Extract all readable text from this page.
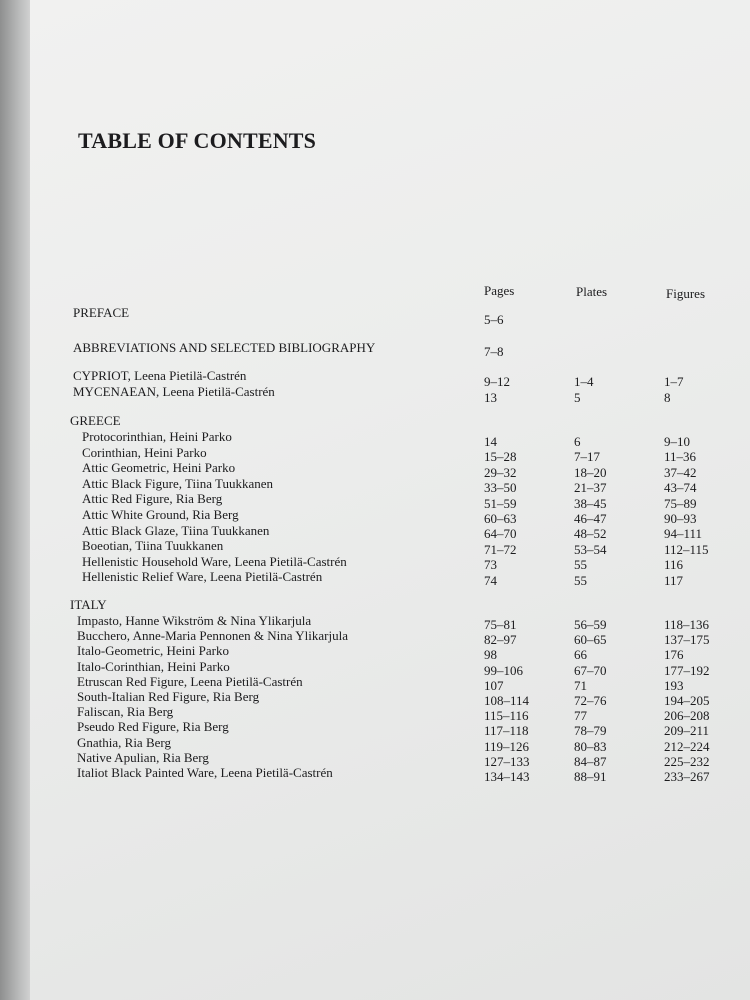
TABLE OF CONTENTS
Pages	Plates	Figures
PREFACE	5–6
ABBREVIATIONS AND SELECTED BIBLIOGRAPHY	7–8
CYPRIOT, Leena Pietilä-Castrén	9–12	1–4	1–7
MYCENAEAN, Leena Pietilä-Castrén	13	5	8
GREECE
Protocorinthian, Heini Parko	14	6	9–10
Corinthian, Heini Parko	15–28	7–17	11–36
Attic Geometric, Heini Parko	29–32	18–20	37–42
Attic Black Figure, Tiina Tuukkanen	33–50	21–37	43–74
Attic Red Figure, Ria Berg	51–59	38–45	75–89
Attic White Ground, Ria Berg	60–63	46–47	90–93
Attic Black Glaze, Tiina Tuukkanen	64–70	48–52	94–111
Boeotian, Tiina Tuukkanen	71–72	53–54	112–115
Hellenistic Household Ware, Leena Pietilä-Castrén	73	55	116
Hellenistic Relief Ware, Leena Pietilä-Castrén	74	55	117
ITALY
Impasto, Hanne Wikström & Nina Ylikarjula	75–81	56–59	118–136
Bucchero, Anne-Maria Pennonen & Nina Ylikarjula	82–97	60–65	137–175
Italo-Geometric, Heini Parko	98	66	176
Italo-Corinthian, Heini Parko	99–106	67–70	177–192
Etruscan Red Figure, Leena Pietilä-Castrén	107	71	193
South-Italian Red Figure, Ria Berg	108–114	72–76	194–205
Faliscan, Ria Berg	115–116	77	206–208
Pseudo Red Figure, Ria Berg	117–118	78–79	209–211
Gnathia, Ria Berg	119–126	80–83	212–224
Native Apulian, Ria Berg	127–133	84–87	225–232
Italiot Black Painted Ware, Leena Pietilä-Castrén	134–143	88–91	233–267
